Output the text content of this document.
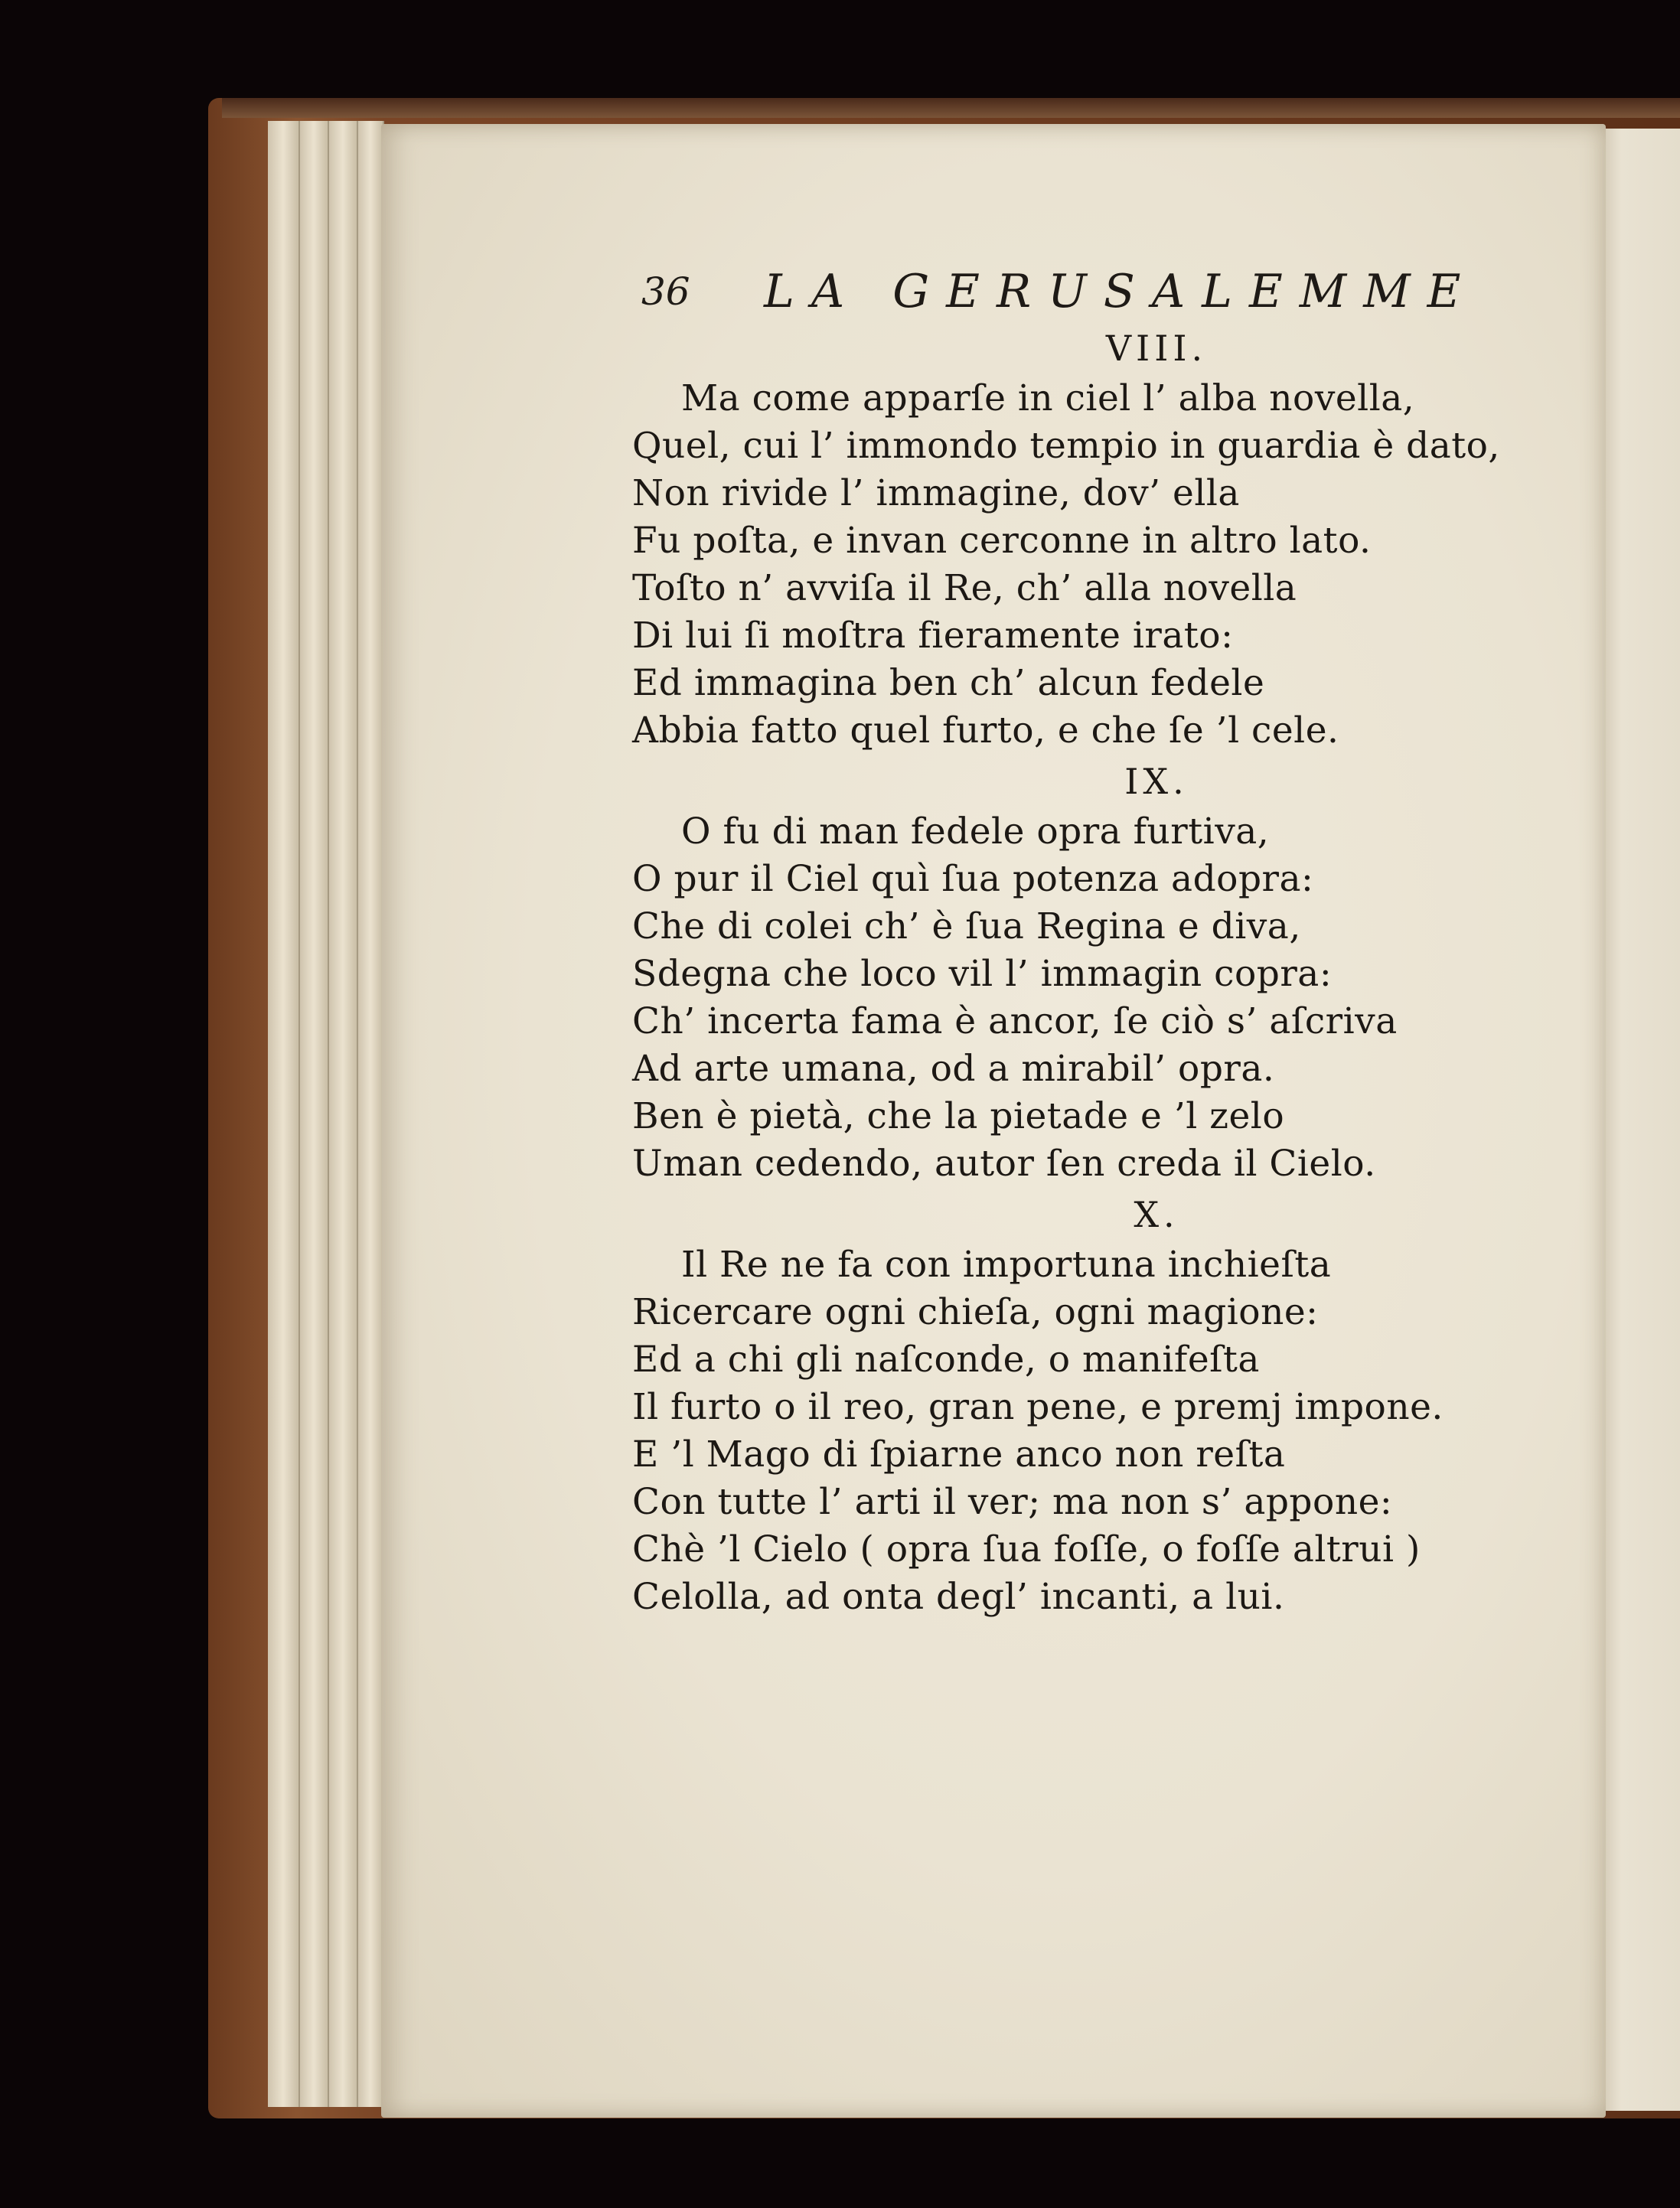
36 LA GERUSALEMME
VIII.
Ma come apparſe in ciel l’ alba novella,
Quel, cui l’ immondo tempio in guardia è dato,
Non rivide l’ immagine, dov’ ella
Fu poſta, e invan cerconne in altro lato.
Toſto n’ avviſa il Re, ch’ alla novella
Di lui ſi moſtra fieramente irato:
Ed immagina ben ch’ alcun fedele
Abbia fatto quel furto, e che ſe ’l cele.
IX.
O fu di man fedele opra furtiva,
O pur il Ciel quì ſua potenza adopra:
Che di colei ch’ è ſua Regina e diva,
Sdegna che loco vil l’ immagin copra:
Ch’ incerta fama è ancor, ſe ciò s’ aſcriva
Ad arte umana, od a mirabil’ opra.
Ben è pietà, che la pietade e ’l zelo
Uman cedendo, autor ſen creda il Cielo.
X.
Il Re ne fa con importuna inchieſta
Ricercare ogni chieſa, ogni magione:
Ed a chi gli naſconde, o manifeſta
Il furto o il reo, gran pene, e premj impone.
E ’l Mago di ſpiarne anco non reſta
Con tutte l’ arti il ver; ma non s’ appone:
Chè ’l Cielo ( opra ſua foſſe, o foſſe altrui )
Celolla, ad onta degl’ incanti, a lui.
